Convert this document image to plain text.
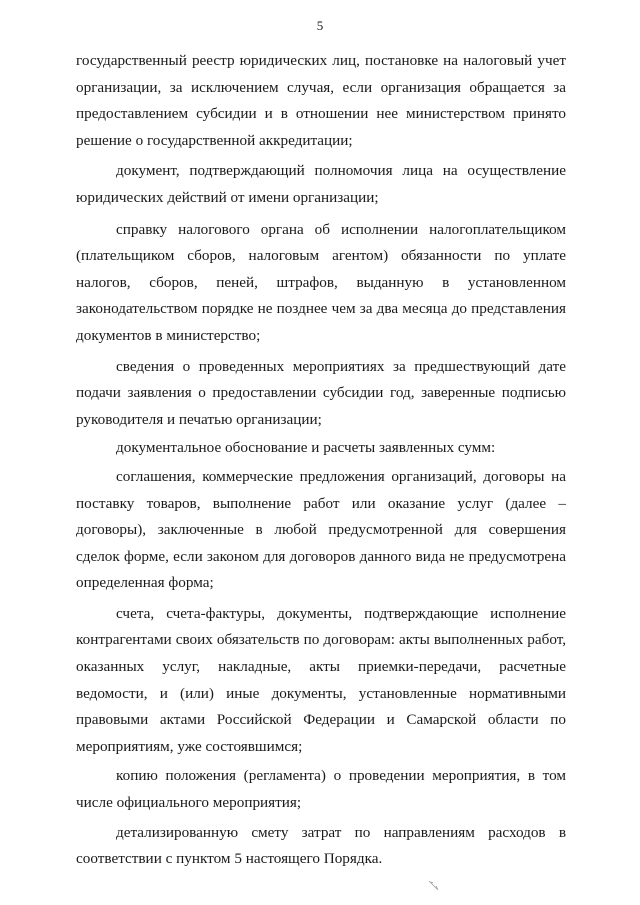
5

государственный реестр юридических лиц, постановке на налоговый учет организации, за исключением случая, если организация обращается за предоставлением субсидии и в отношении нее министерством принято решение о государственной аккредитации;

документ, подтверждающий полномочия лица на осуществление юридических действий от имени организации;

справку налогового органа об исполнении налогоплательщиком (плательщиком сборов, налоговым агентом) обязанности по уплате налогов, сборов, пеней, штрафов, выданную в установленном законодательством порядке не позднее чем за два месяца до представления документов в министерство;

сведения о проведенных мероприятиях за предшествующий дате подачи заявления о предоставлении субсидии год, заверенные подписью руководителя и печатью организации;

документальное обоснование и расчеты заявленных сумм:

соглашения, коммерческие предложения организаций, договоры на поставку товаров, выполнение работ или оказание услуг (далее – договоры), заключенные в любой предусмотренной для совершения сделок форме, если законом для договоров данного вида не предусмотрена определенная форма;

счета, счета-фактуры, документы, подтверждающие исполнение контрагентами своих обязательств по договорам: акты выполненных работ, оказанных услуг, накладные, акты приемки-передачи, расчетные ведомости, и (или) иные документы, установленные нормативными правовыми актами Российской Федерации и Самарской области по мероприятиям, уже состоявшимся;

копию положения (регламента) о проведении мероприятия, в том числе официального мероприятия;

детализированную смету затрат по направлениям расходов в соответствии с пунктом 5 настоящего Порядка.
